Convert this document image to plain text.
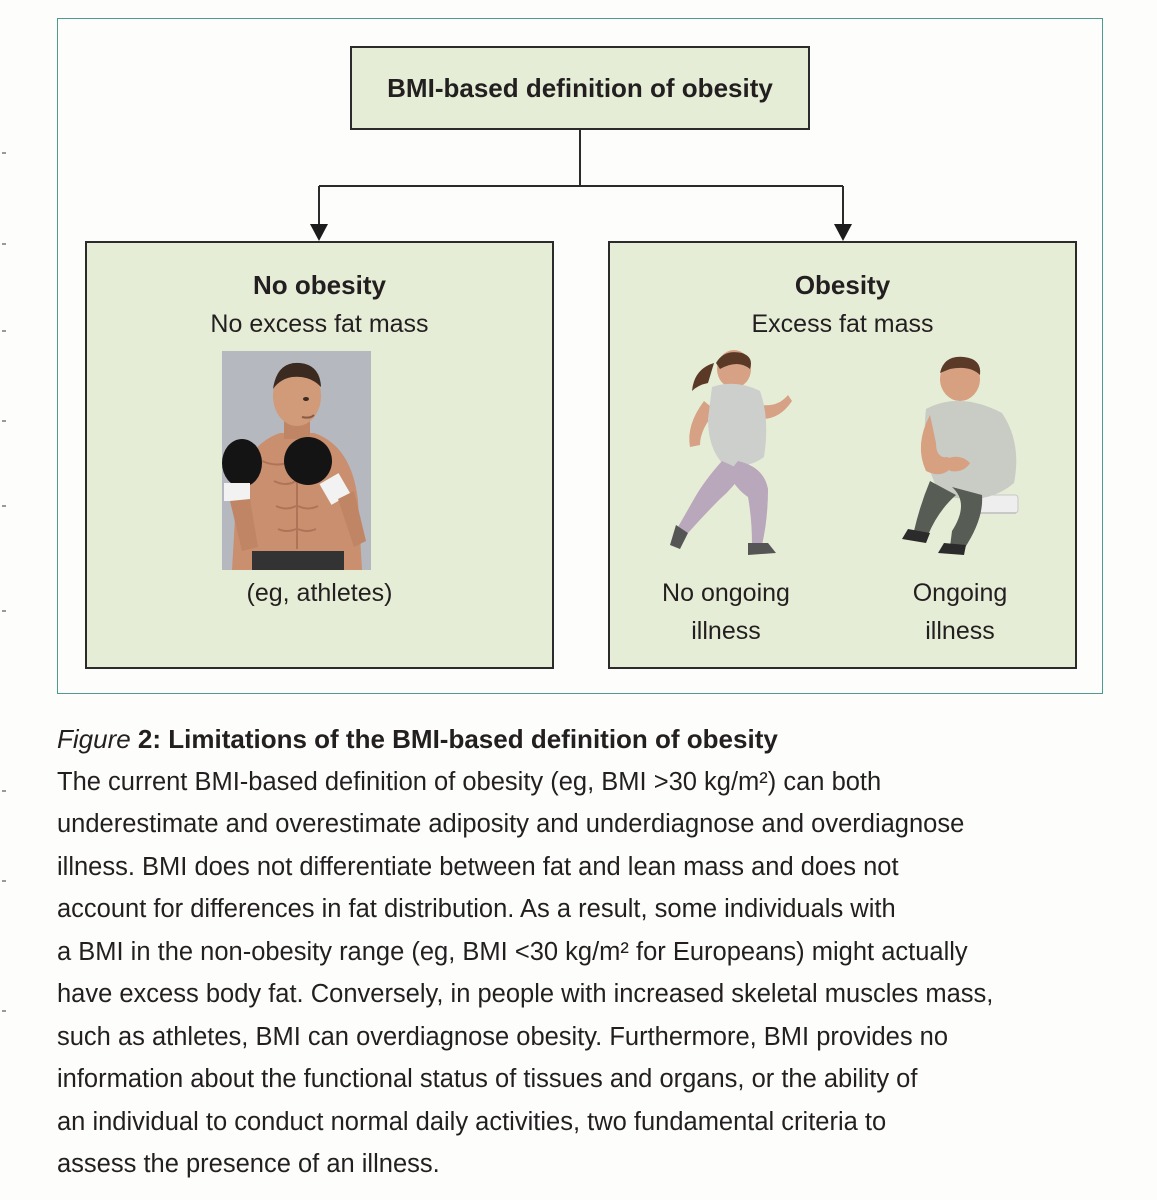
BMI-based definition of obesity
No obesity
No excess fat mass
(eg, athletes)
Obesity
Excess fat mass
No ongoing
illness
Ongoing
illness
Figure 2: Limitations of the BMI-based definition of obesity
The current BMI-based definition of obesity (eg, BMI >30 kg/m²) can both
underestimate and overestimate adiposity and underdiagnose and overdiagnose
illness. BMI does not differentiate between fat and lean mass and does not
account for differences in fat distribution. As a result, some individuals with
a BMI in the non-obesity range (eg, BMI <30 kg/m² for Europeans) might actually
have excess body fat. Conversely, in people with increased skeletal muscles mass,
such as athletes, BMI can overdiagnose obesity. Furthermore, BMI provides no
information about the functional status of tissues and organs, or the ability of
an individual to conduct normal daily activities, two fundamental criteria to
assess the presence of an illness.
